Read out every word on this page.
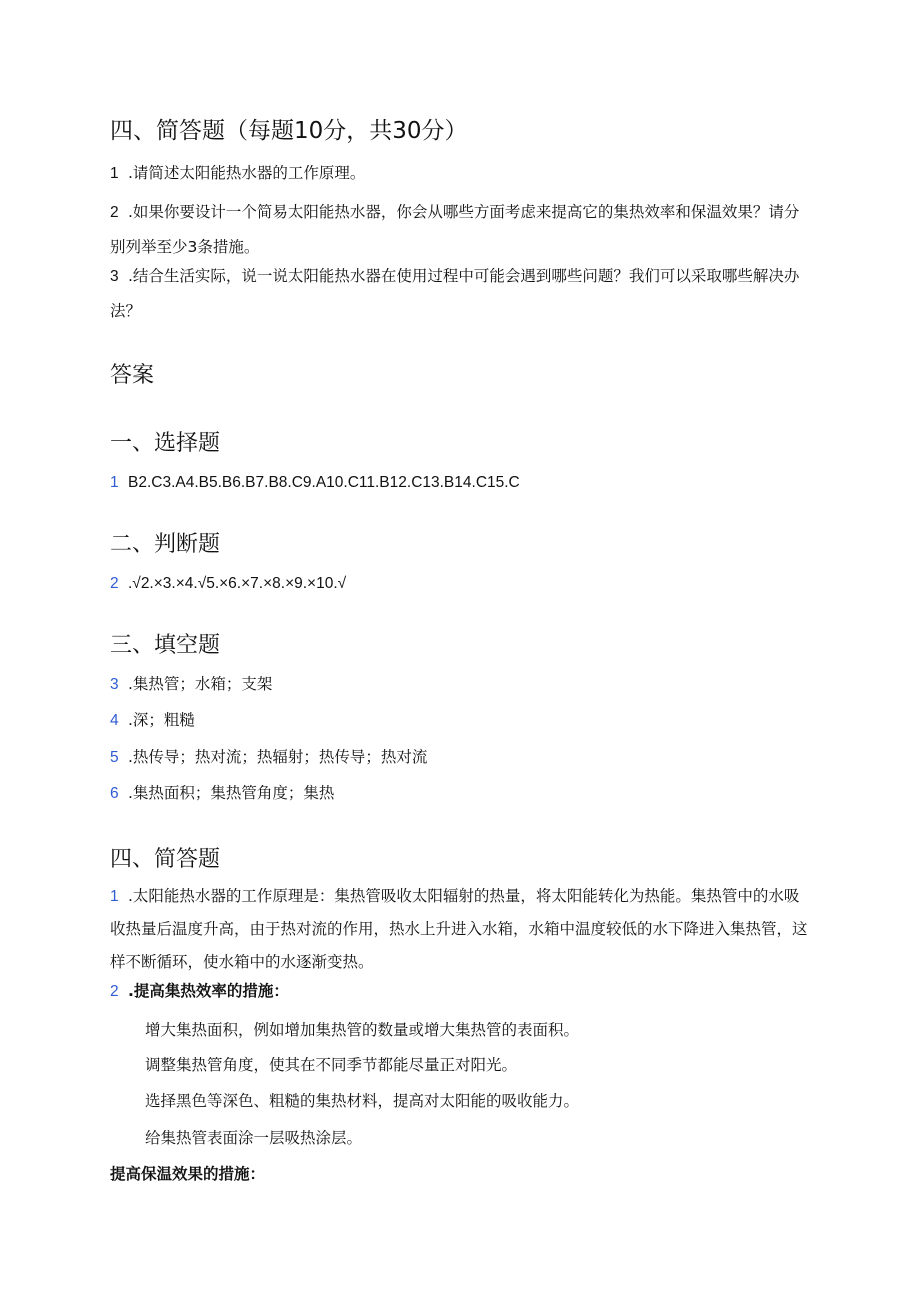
四、简答题（每题10分，共30分）
1 .请简述太阳能热水器的工作原理。
2 .如果你要设计一个简易太阳能热水器，你会从哪些方面考虑来提高它的集热效率和保温效果？请分别列举至少3条措施。
3 .结合生活实际，说一说太阳能热水器在使用过程中可能会遇到哪些问题？我们可以采取哪些解决办法？
答案
一、选择题
1 B2.C3.A4.B5.B6.B7.B8.C9.A10.C11.B12.C13.B14.C15.C
二、判断题
2 .√2.×3.×4.√5.×6.×7.×8.×9.×10.√
三、填空题
3 .集热管；水箱；支架
4 .深；粗糙
5 .热传导；热对流；热辐射；热传导；热对流
6 .集热面积；集热管角度；集热
四、简答题
1 .太阳能热水器的工作原理是：集热管吸收太阳辐射的热量，将太阳能转化为热能。集热管中的水吸收热量后温度升高，由于热对流的作用，热水上升进入水箱，水箱中温度较低的水下降进入集热管，这样不断循环，使水箱中的水逐渐变热。
2 .提高集热效率的措施：
增大集热面积，例如增加集热管的数量或增大集热管的表面积。
调整集热管角度，使其在不同季节都能尽量正对阳光。
选择黑色等深色、粗糙的集热材料，提高对太阳能的吸收能力。
给集热管表面涂一层吸热涂层。
提高保温效果的措施：
